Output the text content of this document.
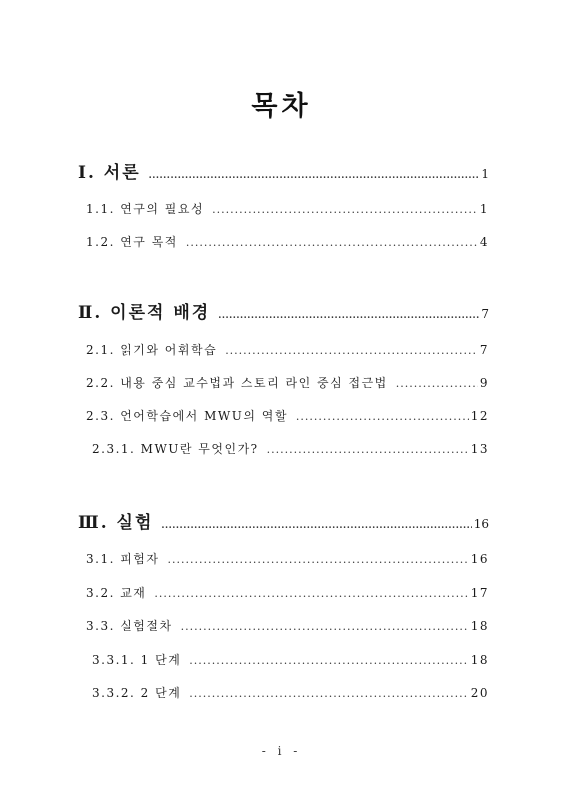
목차
Ⅰ. 서론 .....	1
1.1. 연구의 필요성 .....	1
1.2. 연구 목적 .....	4
Ⅱ. 이론적 배경 .....	7
2.1. 읽기와 어휘학습 .....	7
2.2. 내용 중심 교수법과 스토리 라인 중심 접근법 .....	9
2.3. 언어학습에서 MWU의 역할 .....	12
2.3.1. MWU란 무엇인가? .....	13
Ⅲ. 실험 .....	16
3.1. 피험자 .....	16
3.2. 교재 .....	17
3.3. 실험절차 .....	18
3.3.1. 1 단계 .....	18
3.3.2. 2 단계 .....	20
- i -
